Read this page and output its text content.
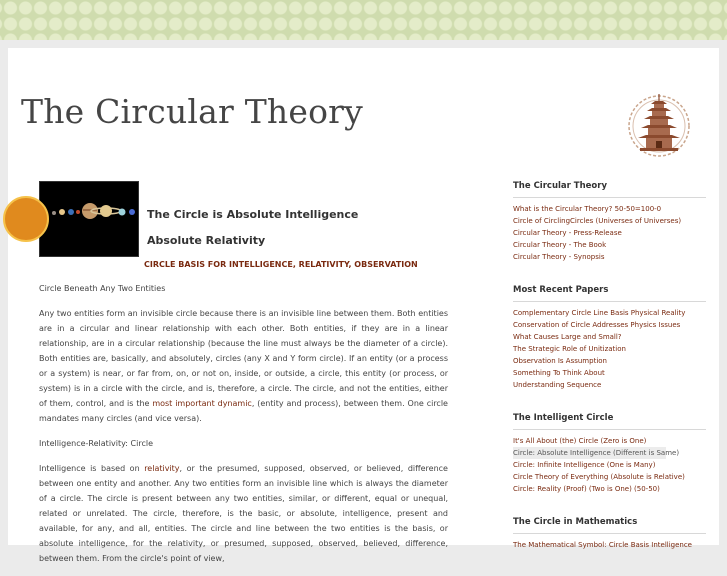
The Circular Theory
The Circle is Absolute Intelligence
Absolute Relativity
CIRCLE BASIS FOR INTELLIGENCE, RELATIVITY, OBSERVATION

Circle Beneath Any Two Entities

Any two entities form an invisible circle because there is an invisible line between them. Both entities are in a circular and linear relationship with each other. Both entities, if they are in a linear relationship, are in a circular relationship (because the line must always be the diameter of a circle). Both entities are, basically, and absolutely, circles (any X and Y form circle). If an entity (or a process or a system) is near, or far from, on, or not on, inside, or outside, a circle, this entity (or process, or system) is in a circle with the circle, and is, therefore, a circle. The circle, and not the entities, either of them, control, and is the most important dynamic, (entity and process), between them. One circle mandates many circles (and vice versa).

Intelligence-Relativity: Circle

Intelligence is based on relativity, or the presumed, supposed, observed, or believed, difference between one entity and another. Any two entities form an invisible line which is always the diameter of a circle. The circle is present between any two entities, similar, or different, equal or unequal, related or unrelated. The circle, therefore, is the basic, or absolute, intelligence, present and available, for any, and all, entities. The circle and line between the two entities is the basis, or absolute intelligence, for the relativity, or presumed, supposed, observed, believed, difference, between them. From the circle's point of view,

The Circular Theory
What is the Circular Theory? 50-50=100-0
Circle of CirclingCircles (Universes of Universes)
Circular Theory - Press-Release
Circular Theory - The Book
Circular Theory - Synopsis
Most Recent Papers
Complementary Circle Line Basis Physical Reality
Conservation of Circle Addresses Physics Issues
What Causes Large and Small?
The Strategic Role of Unitization
Observation Is Assumption
Something To Think About
Understanding Sequence
The Intelligent Circle
It's All About (the) Circle (Zero is One)
Circle: Absolute Intelligence (Different is Same)
Circle: Infinite Intelligence (One is Many)
Circle Theory of Everything (Absolute is Relative)
Circle: Reality (Proof) (Two is One) (50-50)
The Circle in Mathematics
The Mathematical Symbol: Circle Basis Intelligence
